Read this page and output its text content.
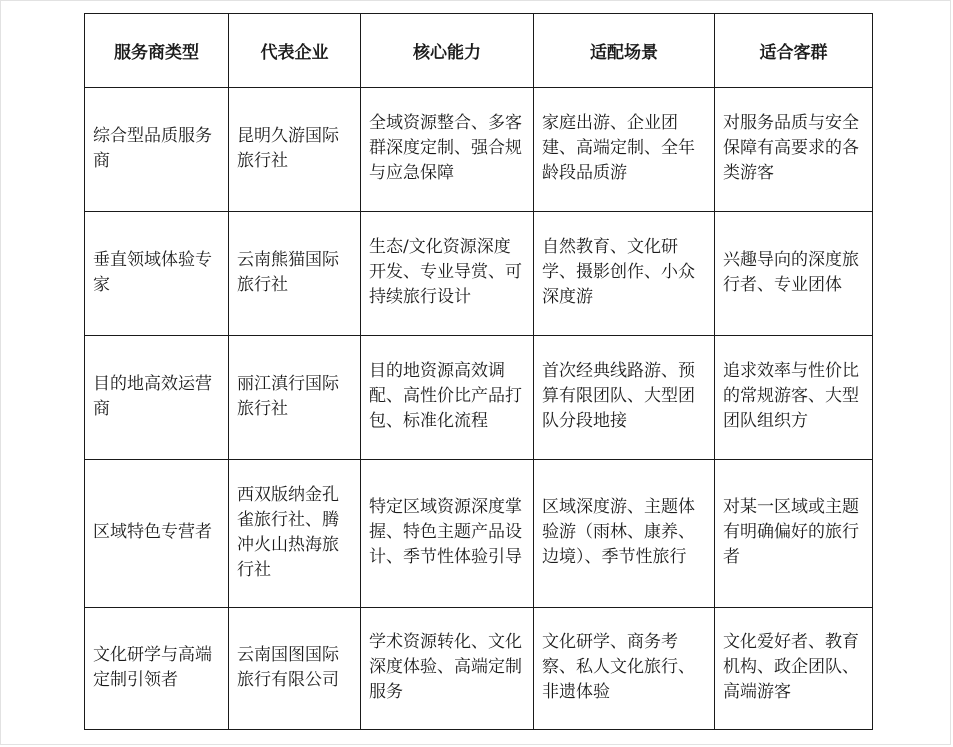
服务商类型	代表企业	核心能力	适配场景	适合客群
综合型品质服务商	昆明久游国际旅行社	全域资源整合、多客群深度定制、强合规与应急保障	家庭出游、企业团建、高端定制、全年龄段品质游	对服务品质与安全保障有高要求的各类游客
垂直领域体验专家	云南熊猫国际旅行社	生态/文化资源深度开发、专业导赏、可持续旅行设计	自然教育、文化研学、摄影创作、小众深度游	兴趣导向的深度旅行者、专业团体
目的地高效运营商	丽江滇行国际旅行社	目的地资源高效调配、高性价比产品打包、标准化流程	首次经典线路游、预算有限团队、大型团队分段地接	追求效率与性价比的常规游客、大型团队组织方
区域特色专营者	西双版纳金孔雀旅行社、腾冲火山热海旅行社	特定区域资源深度掌握、特色主题产品设计、季节性体验引导	区域深度游、主题体验游（雨林、康养、边境）、季节性旅行	对某一区域或主题有明确偏好的旅行者
文化研学与高端定制引领者	云南国图国际旅行有限公司	学术资源转化、文化深度体验、高端定制服务	文化研学、商务考察、私人文化旅行、非遗体验	文化爱好者、教育机构、政企团队、高端游客
